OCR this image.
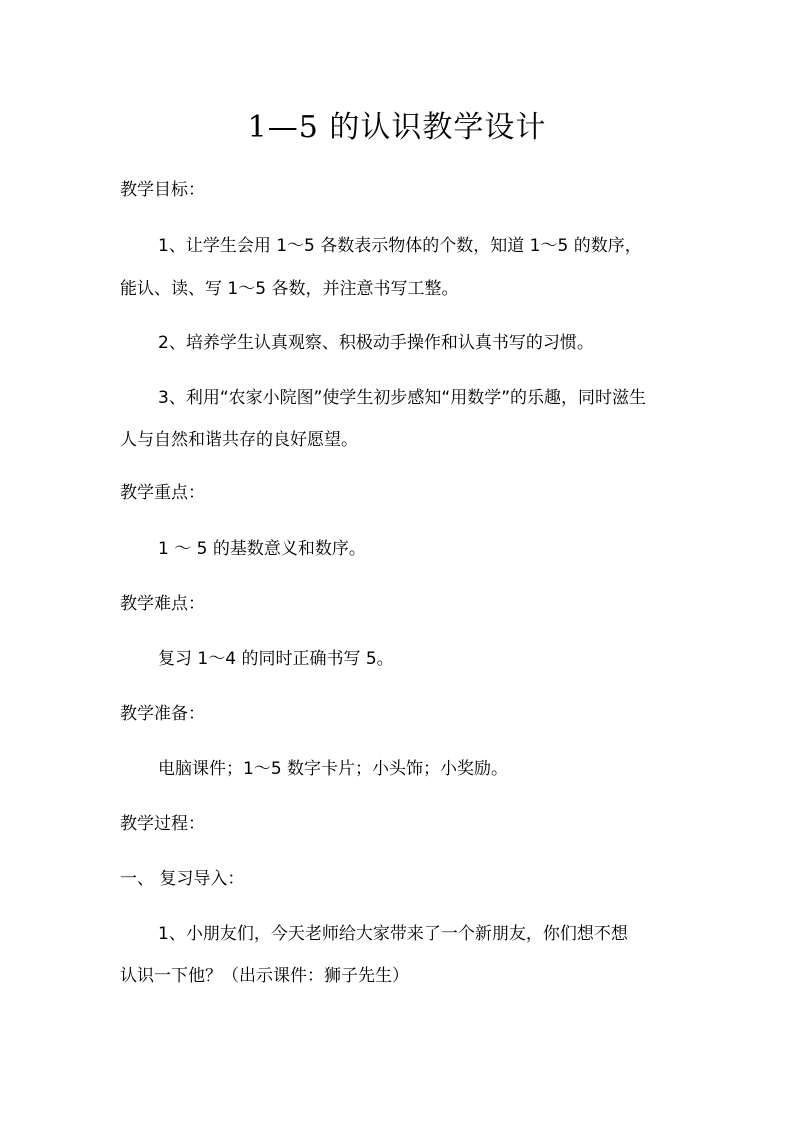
1—5 的认识教学设计
教学目标：
1、让学生会用 1～5 各数表示物体的个数，知道 1～5 的数序，
能认、读、写 1～5 各数，并注意书写工整。
2、培养学生认真观察、积极动手操作和认真书写的习惯。
3、利用“农家小院图”使学生初步感知“用数学”的乐趣，同时滋生
人与自然和谐共存的良好愿望。
教学重点：
1 ～ 5 的基数意义和数序。
教学难点：
复习 1～4 的同时正确书写 5。
教学准备：
电脑课件；1～5 数字卡片；小头饰；小奖励。
教学过程：
一、 复习导入：
1、小朋友们，今天老师给大家带来了一个新朋友，你们想不想
认识一下他？（出示课件：狮子先生）
